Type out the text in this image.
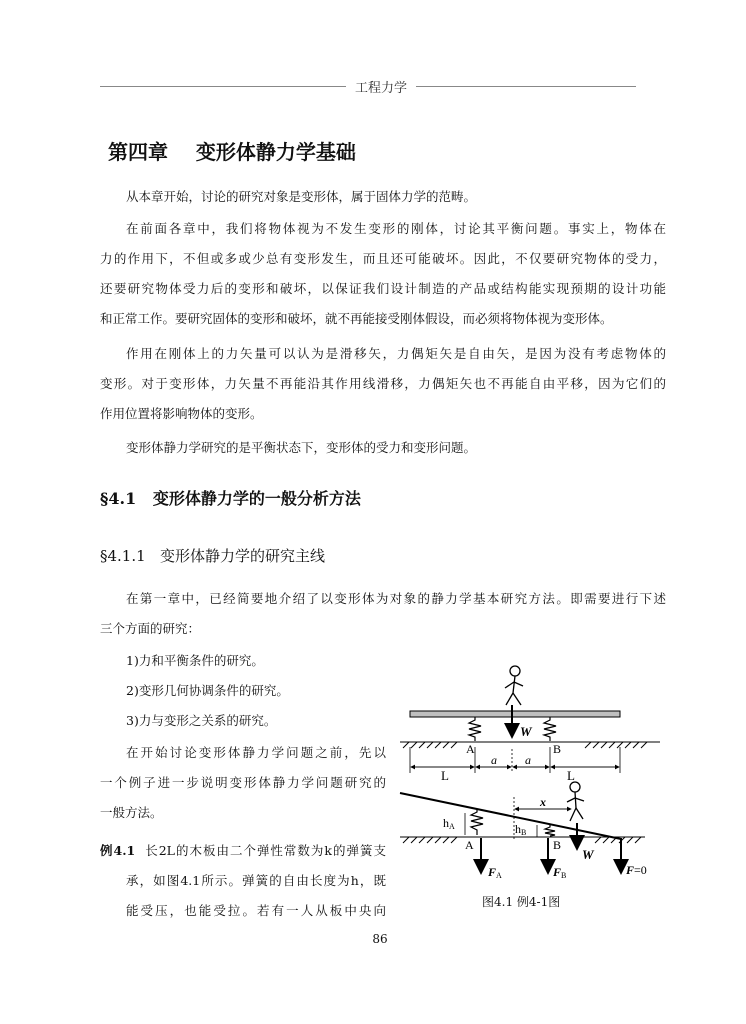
工程力学
第四章 变形体静力学基础

从本章开始，讨论的研究对象是变形体，属于固体力学的范畴。

在前面各章中，我们将物体视为不发生变形的刚体，讨论其平衡问题。事实上，物体在

力的作用下，不但或多或少总有变形发生，而且还可能破坏。因此，不仅要研究物体的受力，

还要研究物体受力后的变形和破坏，以保证我们设计制造的产品或结构能实现预期的设计功能

和正常工作。要研究固体的变形和破坏，就不再能接受刚体假设，而必须将物体视为变形体。

作用在刚体上的力矢量可以认为是滑移矢，力偶矩矢是自由矢，是因为没有考虑物体的

变形。对于变形体，力矢量不再能沿其作用线滑移，力偶矩矢也不再能自由平移，因为它们的

作用位置将影响物体的变形。

变形体静力学研究的是平衡状态下，变形体的受力和变形问题。

§4.1 变形体静力学的一般分析方法
§4.1.1 变形体静力学的研究主线

在第一章中，已经简要地介绍了以变形体为对象的静力学基本研究方法。即需要进行下述

三个方面的研究：

1)力和平衡条件的研究。

2)变形几何协调条件的研究。

3)力与变形之关系的研究。

在开始讨论变形体静力学问题之前，先以

一个例子进一步说明变形体静力学问题研究的

一般方法。

例4.1 长2L的木板由二个弹性常数为k的弹簧支

承，如图4.1所示。弹簧的自由长度为h，既

能受压，也能受拉。若有一人从板中央向

W
A	B
L
a a
L
x
hA	hB
W
A	B
FA	FB	F=0
图4.1 例4-1图
86
